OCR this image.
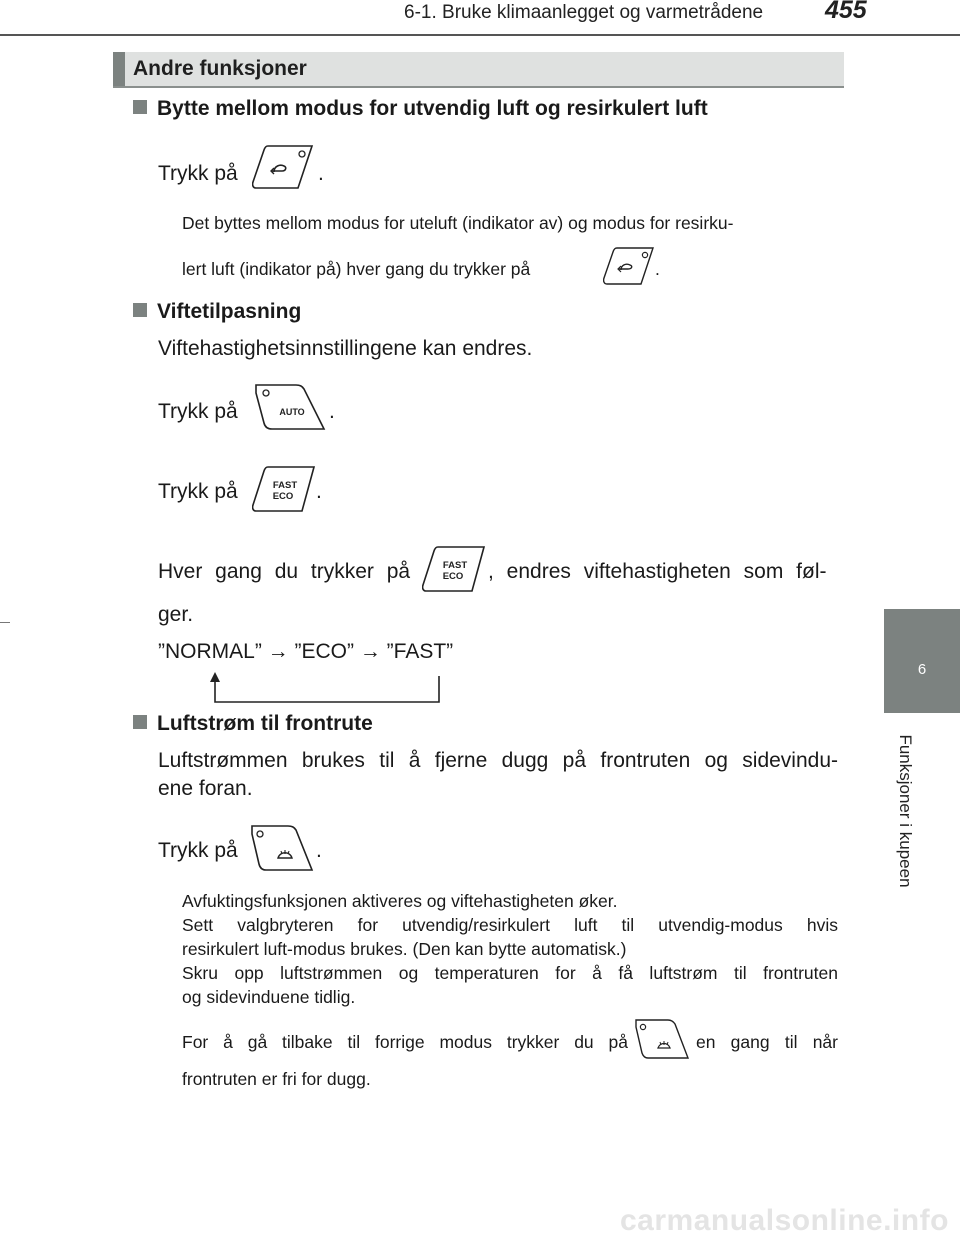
6-1. Bruke klimaanlegget og varmetrådene 455
Andre funksjoner
6
Funksjoner i kupeen
Bytte mellom modus for utvendig luft og resirkulert luft
Trykk på	.
Det byttes mellom modus for uteluft (indikator av) og modus for resirku-
lert luft (indikator på) hver gang du trykker på	.
Viftetilpasning
Viftehastighetsinnstillingene kan endres.
Trykk på	AUTO .
Trykk på	FAST
ECO .
Hver gang du trykker på	FAST
ECO , endres viftehastigheten som føl-
ger.
”NORMAL” → ”ECO” → ”FAST”
Luftstrøm til frontrute
Luftstrømmen brukes til å fjerne dugg på frontruten og sidevindu-
ene foran.
Trykk på	.
Avfuktingsfunksjonen aktiveres og viftehastigheten øker.
Sett valgbryteren for utvendig/resirkulert luft til utvendig-modus hvis
resirkulert luft-modus brukes. (Den kan bytte automatisk.)
Skru opp luftstrømmen og temperaturen for å få luftstrøm til frontruten
og sidevinduene tidlig.
For å gå tilbake til forrige modus trykker du på	en gang til når
frontruten er fri for dugg.
carmanualsonline.info
